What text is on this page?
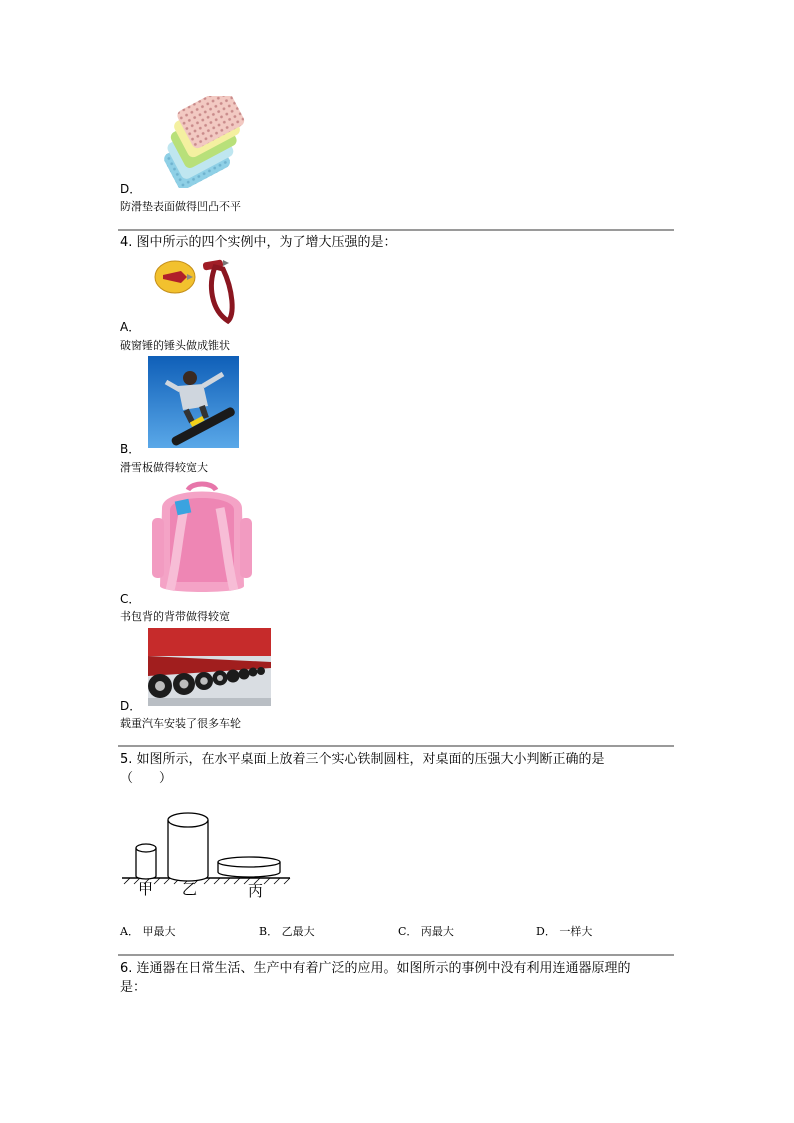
D．
防滑垫表面做得凹凸不平
4. 图中所示的四个实例中，为了增大压强的是：
A．
破窗锤的锤头做成锥状
B．
滑雪板做得较宽大
C．
书包背的背带做得较宽
D．
载重汽车安装了很多车轮
5. 如图所示，在水平桌面上放着三个实心铁制圆柱，对桌面的压强大小判断正确的是
（　　）
甲 乙	丙
A． 甲最大	B． 乙最大	C． 丙最大	D． 一样大
6. 连通器在日常生活、生产中有着广泛的应用。如图所示的事例中没有利用连通器原理的
是：
